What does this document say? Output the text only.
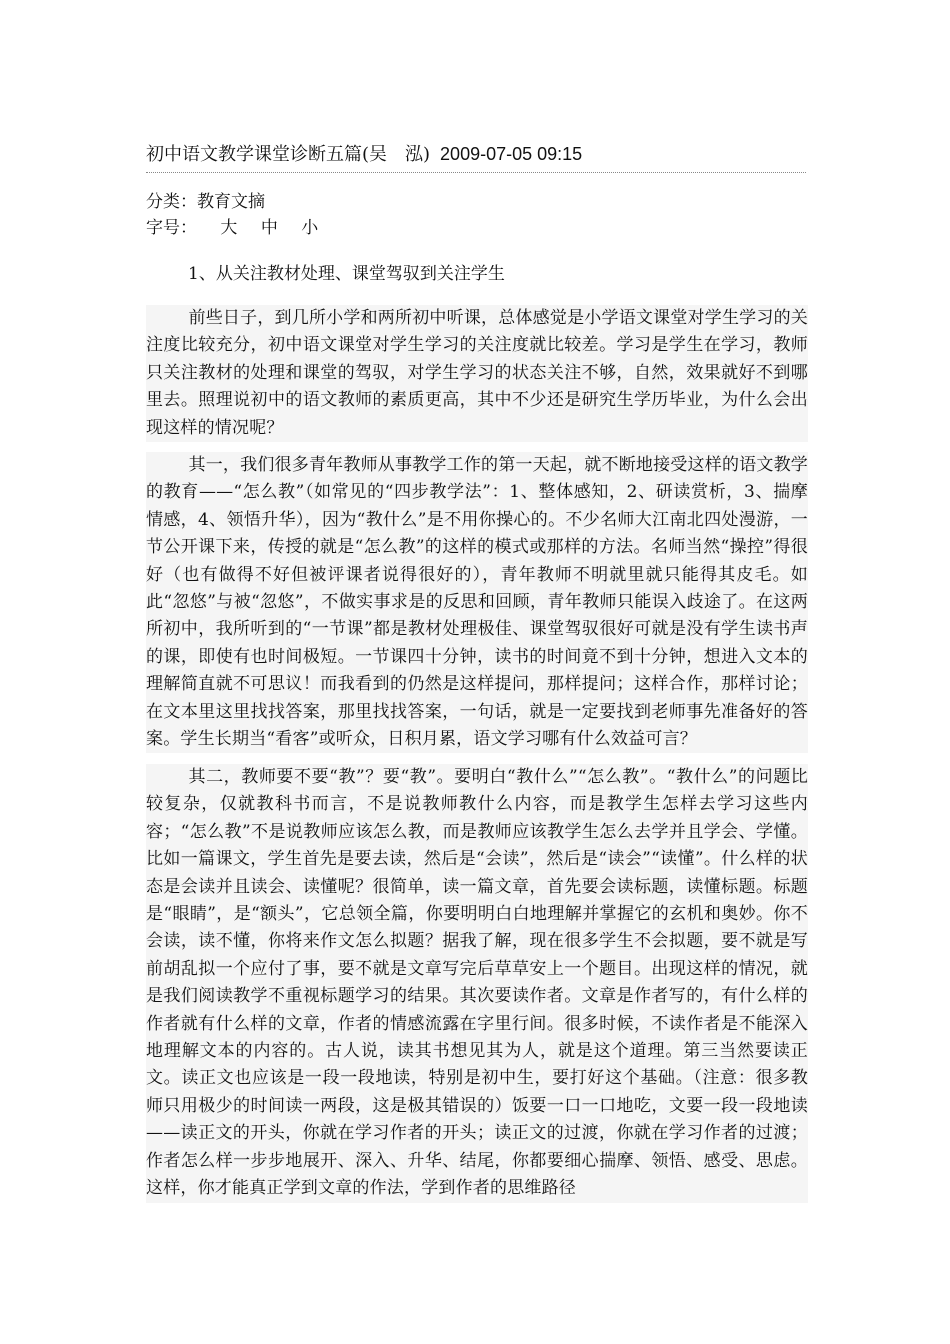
初中语文教学课堂诊断五篇(吴　泓) 2009-07-05 09:15
分类：教育文摘
字号： 大 中 小
1、从关注教材处理、课堂驾驭到关注学生

前些日子，到几所小学和两所初中听课，总体感觉是小学语文课堂对学生学习的关注度比较充分，初中语文课堂对学生学习的关注度就比较差。学习是学生在学习，教师只关注教材的处理和课堂的驾驭，对学生学习的状态关注不够，自然，效果就好不到哪里去。照理说初中的语文教师的素质更高，其中不少还是研究生学历毕业，为什么会出现这样的情况呢？

其一，我们很多青年教师从事教学工作的第一天起，就不断地接受这样的语文教学的教育——“怎么教”（如常见的“四步教学法”：1、整体感知，2、研读赏析，3、揣摩情感，4、领悟升华），因为“教什么”是不用你操心的。不少名师大江南北四处漫游，一节公开课下来，传授的就是“怎么教”的这样的模式或那样的方法。名师当然“操控”得很好（也有做得不好但被评课者说得很好的），青年教师不明就里就只能得其皮毛。如此“忽悠”与被“忽悠”，不做实事求是的反思和回顾，青年教师只能误入歧途了。在这两所初中，我所听到的“一节课”都是教材处理极佳、课堂驾驭很好可就是没有学生读书声的课，即使有也时间极短。一节课四十分钟，读书的时间竟不到十分钟，想进入文本的理解简直就不可思议！而我看到的仍然是这样提问，那样提问；这样合作，那样讨论；在文本里这里找找答案，那里找找答案，一句话，就是一定要找到老师事先准备好的答案。学生长期当“看客”或听众，日积月累，语文学习哪有什么效益可言？

其二，教师要不要“教”？要“教”。要明白“教什么”“怎么教”。“教什么”的问题比较复杂，仅就教科书而言，不是说教师教什么内容，而是教学生怎样去学习这些内容；“怎么教”不是说教师应该怎么教，而是教师应该教学生怎么去学并且学会、学懂。比如一篇课文，学生首先是要去读，然后是“会读”，然后是“读会”“读懂”。什么样的状态是会读并且读会、读懂呢？很简单，读一篇文章，首先要会读标题，读懂标题。标题是“眼睛”，是“额头”，它总领全篇，你要明明白白地理解并掌握它的玄机和奥妙。你不会读，读不懂，你将来作文怎么拟题？据我了解，现在很多学生不会拟题，要不就是写前胡乱拟一个应付了事，要不就是文章写完后草草安上一个题目。出现这样的情况，就是我们阅读教学不重视标题学习的结果。其次要读作者。文章是作者写的，有什么样的作者就有什么样的文章，作者的情感流露在字里行间。很多时候，不读作者是不能深入地理解文本的内容的。古人说，读其书想见其为人，就是这个道理。第三当然要读正文。读正文也应该是一段一段地读，特别是初中生，要打好这个基础。（注意：很多教师只用极少的时间读一两段，这是极其错误的）饭要一口一口地吃，文要一段一段地读——读正文的开头，你就在学习作者的开头；读正文的过渡，你就在学习作者的过渡；作者怎么样一步步地展开、深入、升华、结尾，你都要细心揣摩、领悟、感受、思虑。这样，你才能真正学到文章的作法，学到作者的思维路径
